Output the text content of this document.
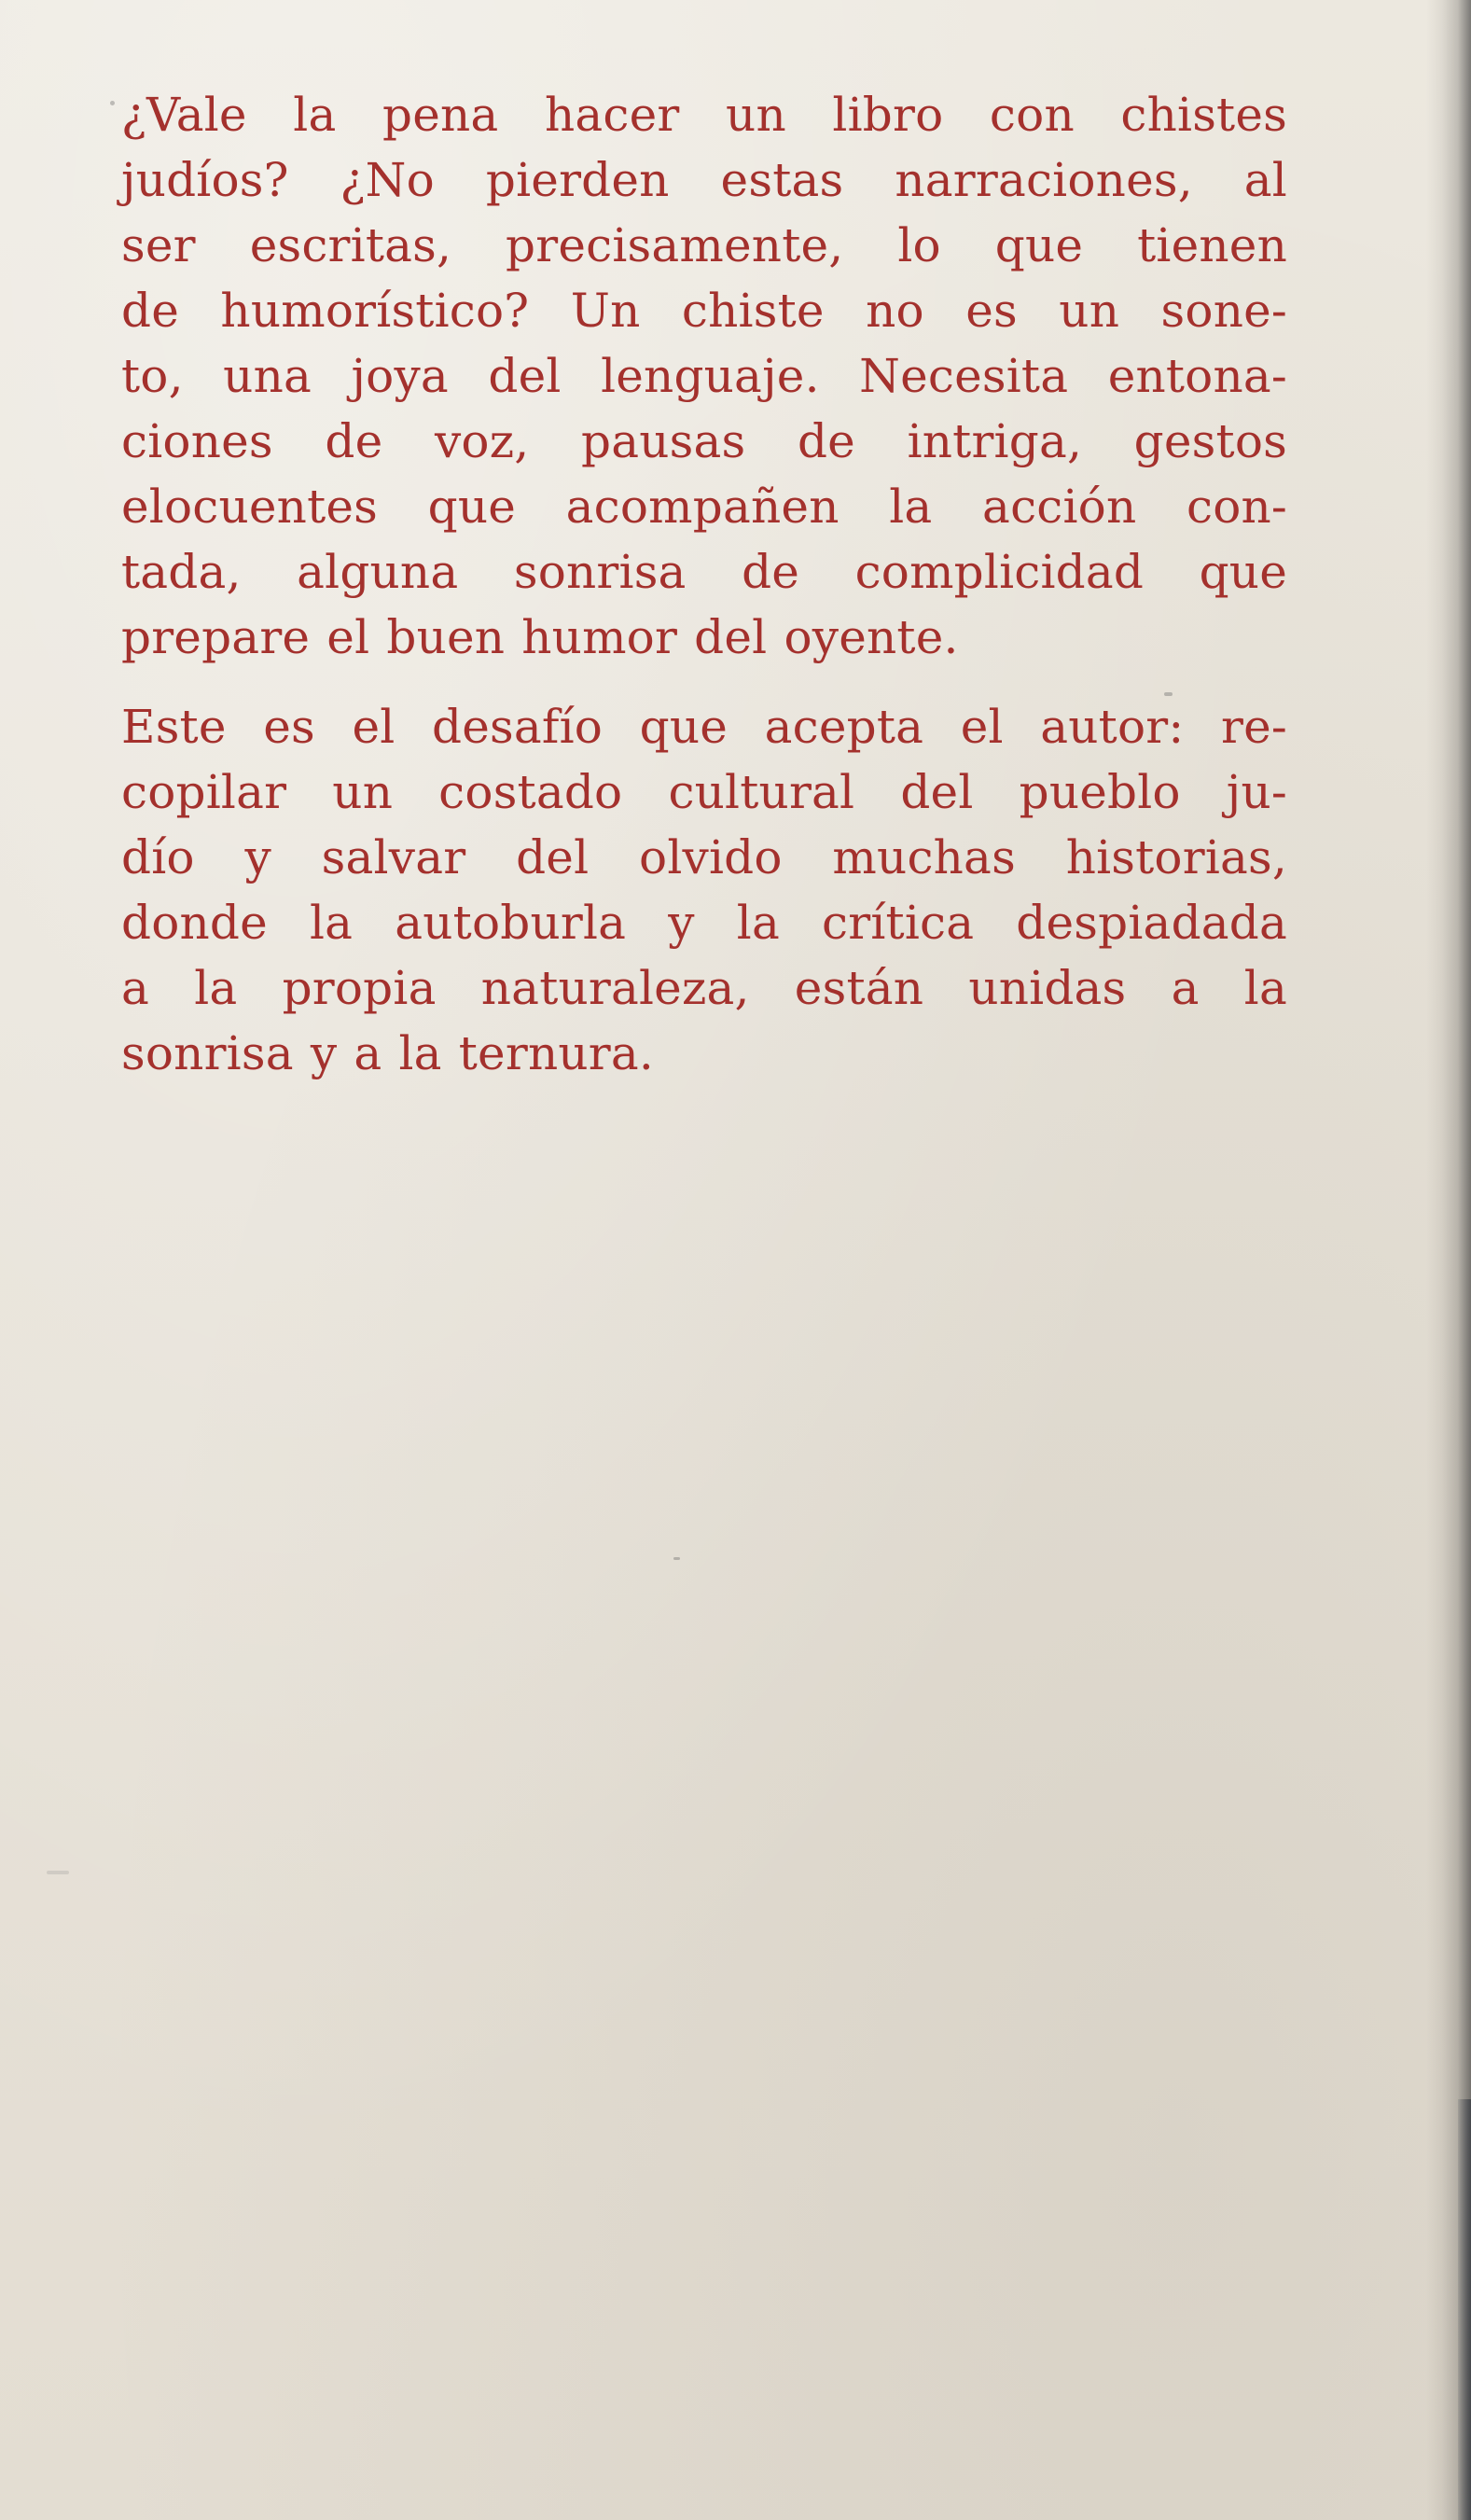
¿Vale la pena hacer un libro con chistes
judíos? ¿No pierden estas narraciones, al
ser escritas, precisamente, lo que tienen
de humorístico? Un chiste no es un sone-
to, una joya del lenguaje. Necesita entona-
ciones de voz, pausas de intriga, gestos
elocuentes que acompañen la acción con-
tada, alguna sonrisa de complicidad que
prepare el buen humor del oyente.
Este es el desafío que acepta el autor: re-
copilar un costado cultural del pueblo ju-
dío y salvar del olvido muchas historias,
donde la autoburla y la crítica despiadada
a la propia naturaleza, están unidas a la
sonrisa y a la ternura.
